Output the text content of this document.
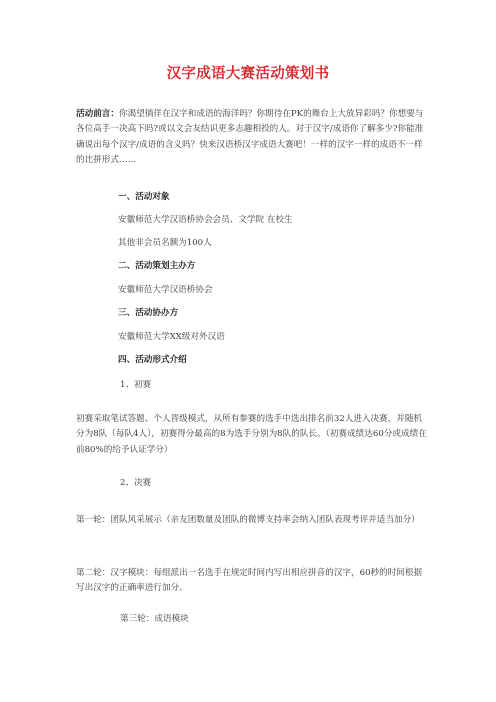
汉字成语大赛活动策划书

活动前言：你渴望徜徉在汉字和成语的海洋吗？你期待在PK的舞台上大放异彩吗？你想要与各位高手一决高下吗?或以文会友结识更多志趣相投的人。对于汉字/成语你了解多少?你能准确说出每个汉字/成语的含义吗？快来汉语桥汉字成语大赛吧！一样的汉字一样的成语不一样的比拼形式……

一、活动对象

安徽师范大学汉语桥协会会员、文学院 在校生

其他非会员名额为100人

二、活动策划主办方

安徽师范大学汉语桥协会

三、活动协办方

安徽师范大学XX级对外汉语

四、活动形式介绍

1、初赛

初赛采取笔试答题、个人晋级模式，从所有参赛的选手中选出排名前32人进入决赛，并随机分为8队（每队4人），初赛得分最高的8为选手分别为8队的队长。（初赛成绩达60分或成绩在前80%的给予认证学分）

2、决赛

第一轮：团队风采展示（亲友团数量及团队的微博支持率会纳入团队表现考评并适当加分）

第二轮：汉字模块：每组派出一名选手在规定时间内写出相应拼音的汉字，60秒的时间根据写出汉字的正确率进行加分。

第三轮：成语模块
